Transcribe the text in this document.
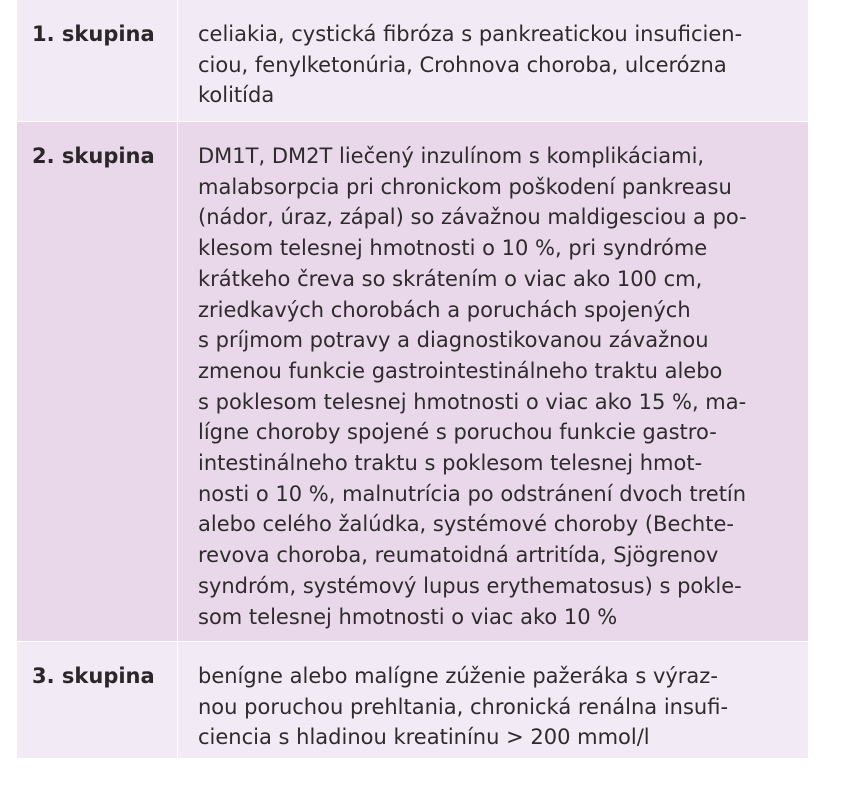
1. skupina	celiakia, cystická fibróza s pankreatickou insuficien-
ciou, fenylketonúria, Crohnova choroba, ulcerózna
kolitída
2. skupina	DM1T, DM2T liečený inzulínom s komplikáciami,
malabsorpcia pri chronickom poškodení pankreasu
(nádor, úraz, zápal) so závažnou maldigesciou a po-
klesom telesnej hmotnosti o 10 %, pri syndróme
krátkeho čreva so skrátením o viac ako 100 cm,
zriedkavých chorobách a poruchách spojených
s príjmom potravy a diagnostikovanou závažnou
zmenou funkcie gastrointestinálneho traktu alebo
s poklesom telesnej hmotnosti o viac ako 15 %, ma-
lígne choroby spojené s poruchou funkcie gastro-
intestinálneho traktu s poklesom telesnej hmot-
nosti o 10 %, malnutrícia po odstránení dvoch tretín
alebo celého žalúdka, systémové choroby (Bechte-
revova choroba, reumatoidná artritída, Sjögrenov
syndróm, systémový lupus erythematosus) s pokle-
som telesnej hmotnosti o viac ako 10 %
3. skupina	benígne alebo malígne zúženie pažeráka s výraz-
nou poruchou prehltania, chronická renálna insufi-
ciencia s hladinou kreatinínu > 200 mmol/l
